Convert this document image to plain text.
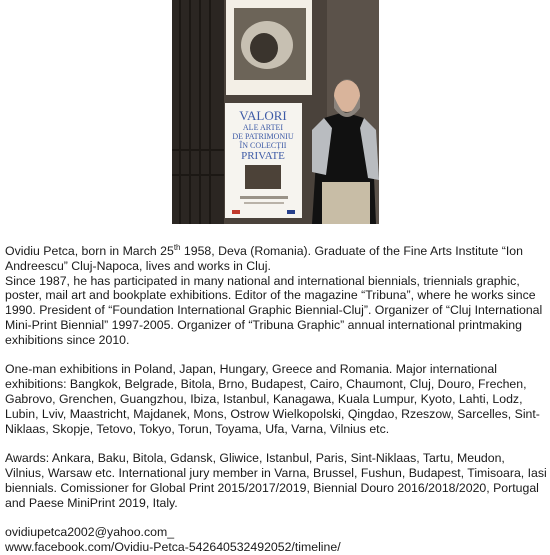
VALORI
ALE ARTEI
DE PATRIMONIU
ÎN COLECȚII
PRIVATE

Ovidiu Petca, born in March 25th 1958, Deva (Romania). Graduate of the Fine Arts Institute “Ion Andreescu” Cluj-Napoca, lives and works in Cluj.

Since 1987, he has participated in many national and international biennials, triennials graphic, poster, mail art and bookplate exhibitions. Editor of the magazine “Tribuna”, where he works since 1990. President of “Foundation International Graphic Biennial-Cluj”. Organizer of “Cluj International Mini-Print Biennial” 1997-2005. Organizer of “Tribuna Graphic” annual international printmaking exhibitions since 2010.

One-man exhibitions in Poland, Japan, Hungary, Greece and Romania. Major international exhibitions: Bangkok, Belgrade, Bitola, Brno, Budapest, Cairo, Chaumont, Cluj, Douro, Frechen, Gabrovo, Grenchen, Guangzhou, Ibiza, Istanbul, Kanagawa, Kuala Lumpur, Kyoto, Lahti, Lodz, Lubin, Lviv, Maastricht, Majdanek, Mons, Ostrow Wielkopolski, Qingdao, Rzeszow, Sarcelles, Sint-Niklaas, Skopje, Tetovo, Tokyo, Torun, Toyama, Ufa, Varna, Vilnius etc.

Awards: Ankara, Baku, Bitola, Gdansk, Gliwice, Istanbul, Paris, Sint-Niklaas, Tartu, Meudon, Vilnius, Warsaw etc. International jury member in Varna, Brussel, Fushun, Budapest, Timisoara, Iasi biennials. Comissioner for Global Print 2015/2017/2019, Biennial Douro 2016/2018/2020, Portugal and Paese MiniPrint 2019, Italy.

ovidiupetca2002@yahoo.com_

www.facebook.com/Ovidiu-Petca-542640532492052/timeline/
